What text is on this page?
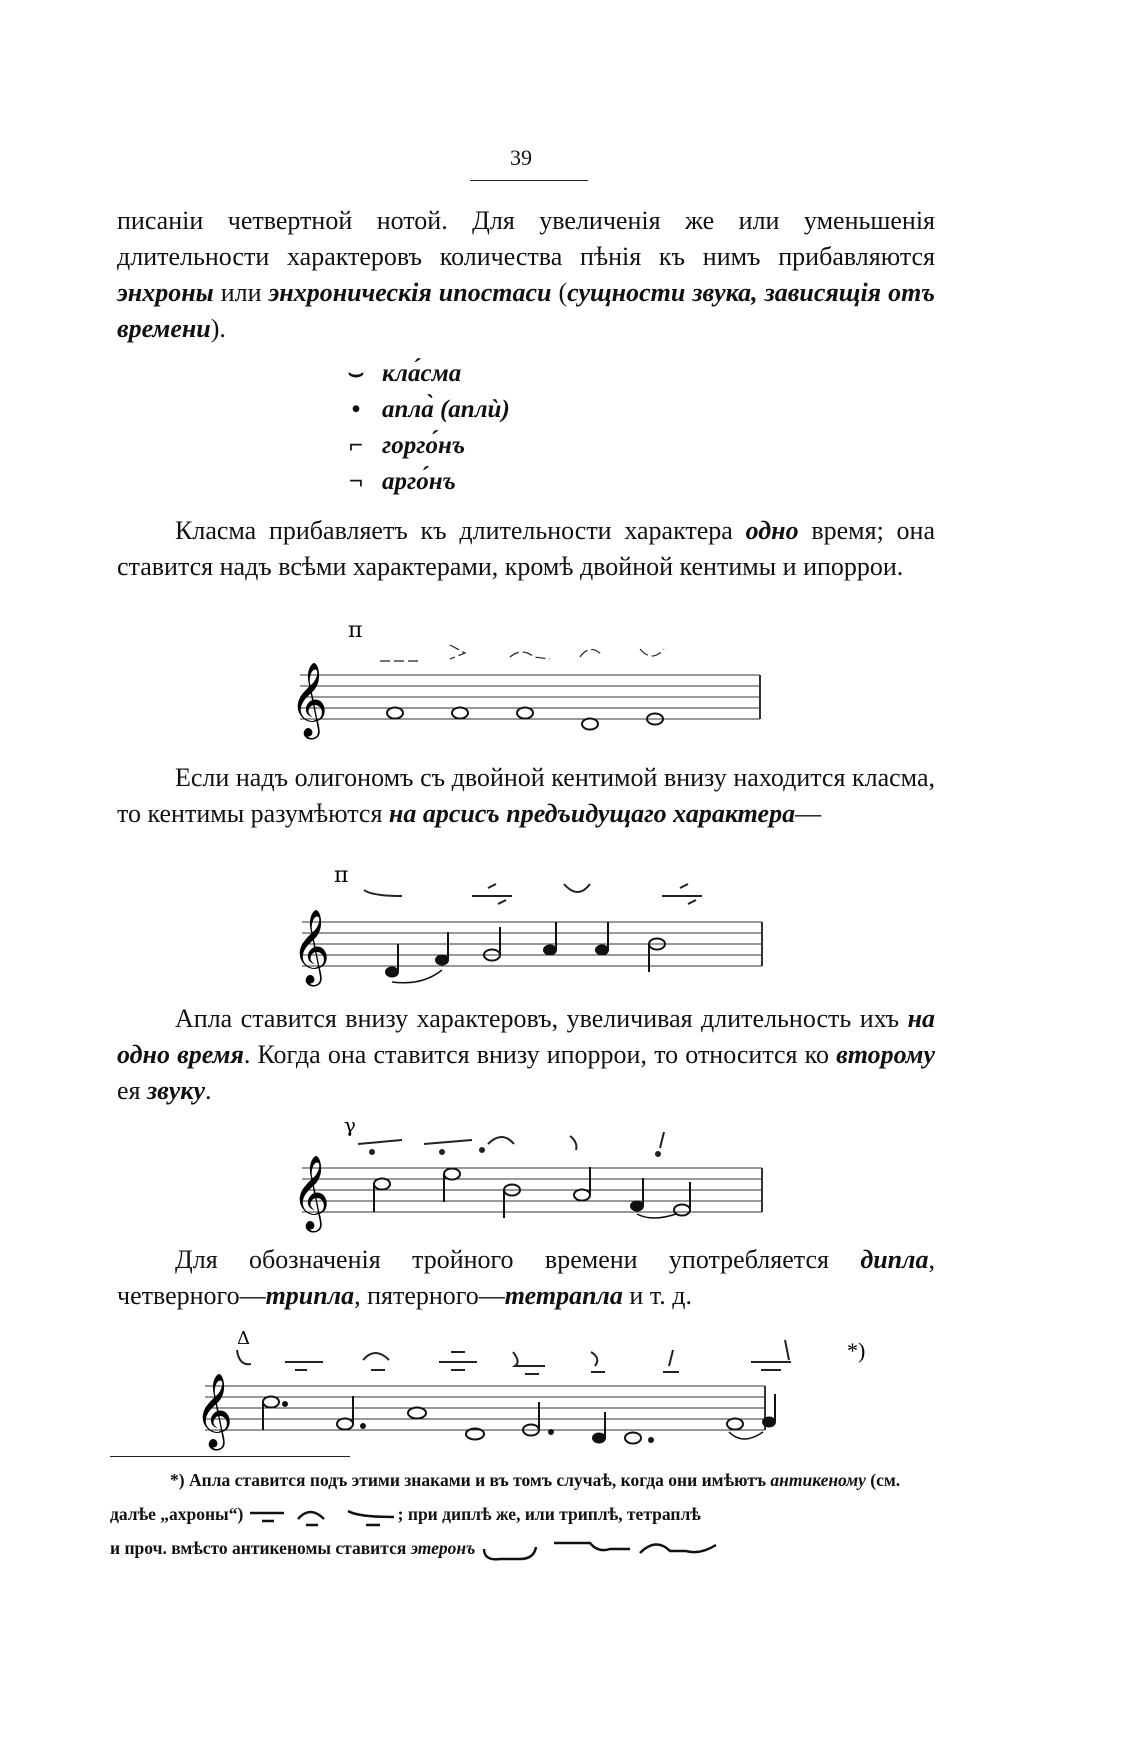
39

писаніи четвертной нотой. Для увеличенія же или уменьшенія длительности характеровъ количества пѣнія къ нимъ прибавляются энхроны или энхроническія ипостаси (сущности звука, зависящія отъ времени).

⌣ кла́сма
• апла̀ (аплѝ)
⌐ горго́нъ
¬ арго́нъ

Класма прибавляетъ къ длительности характера одно время; она ставится надъ всѣми характерами, кромѣ двойной кентимы и ипоррои.

π
𝄞

Если надъ олигономъ съ двойной кентимой внизу находится класма, то кентимы разумѣются на арсисъ предъидущаго характера—

π
𝄞

Апла ставится внизу характеровъ, увеличивая длительность ихъ на одно время. Когда она ставится внизу ипоррои, то относится ко второму ея звуку.

γ
𝄞

Для обозначенія тройного времени употребляется дипла, четверного—трипла, пятерного—тетрапла и т. д.

Δ	*)
𝄞

*) Апла ставится подъ этими знаками и въ томъ случаѣ, когда они имѣютъ антикеному (см. далѣе „ахроны“)	; при диплѣ же, или триплѣ, тетраплѣ
и проч. вмѣсто антикеномы ставится этеронъ
